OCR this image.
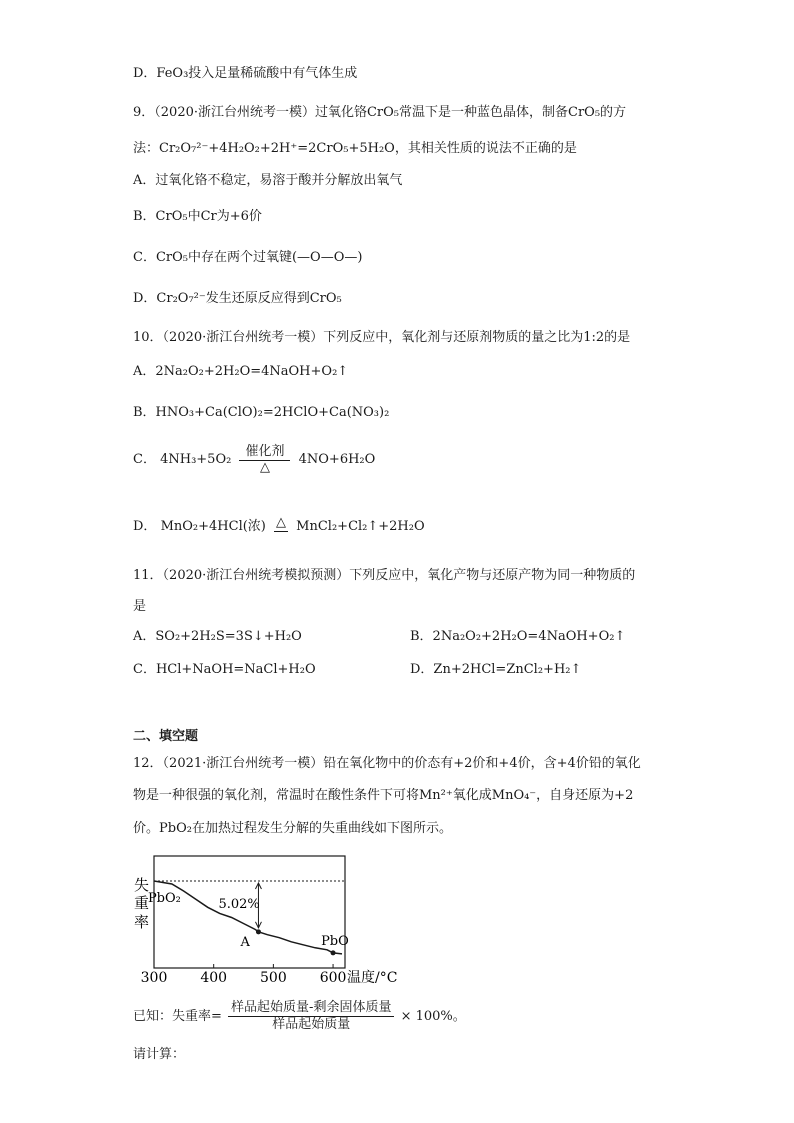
D．FeO₃投入足量稀硫酸中有气体生成
9．（2020·浙江台州统考一模）过氧化铬CrO₅常温下是一种蓝色晶体，制备CrO₅的方
法：Cr₂O₇²⁻+4H₂O₂+2H⁺=2CrO₅+5H₂O，其相关性质的说法不正确的是
A．过氧化铬不稳定，易溶于酸并分解放出氧气
B．CrO₅中Cr为+6价
C．CrO₅中存在两个过氧键(—O—O—)
D．Cr₂O₇²⁻发生还原反应得到CrO₅
10．（2020·浙江台州统考一模）下列反应中，氧化剂与还原剂物质的量之比为1:2的是
A．2Na₂O₂+2H₂O=4NaOH+O₂↑
B．HNO₃+Ca(ClO)₂=2HClO+Ca(NO₃)₂
C． 4NH₃+5O₂
催化剂
△
4NO+6H₂O
D． MnO₂+4HCl(浓) △ MnCl₂+Cl₂↑+2H₂O
11．（2020·浙江台州统考模拟预测）下列反应中，氧化产物与还原产物为同一种物质的
是
A．SO₂+2H₂S=3S↓+H₂O	B．2Na₂O₂+2H₂O=4NaOH+O₂↑
C．HCl+NaOH=NaCl+H₂O	D．Zn+2HCl=ZnCl₂+H₂↑
二、填空题
12．（2021·浙江台州统考一模）铅在氧化物中的价态有+2价和+4价，含+4价铅的氧化
物是一种很强的氧化剂，常温时在酸性条件下可将Mn²⁺氧化成MnO₄⁻，自身还原为+2
价。PbO₂在加热过程发生分解的失重曲线如下图所示。
失
重
率
300 400 500 600
PbO₂	5.02%
A	PbO
温度/°C
已知：失重率= $\frac{\text{样品起始质量-剩余固体质量}}{\text{样品起始质量}} \times 100\%$。
请计算：
